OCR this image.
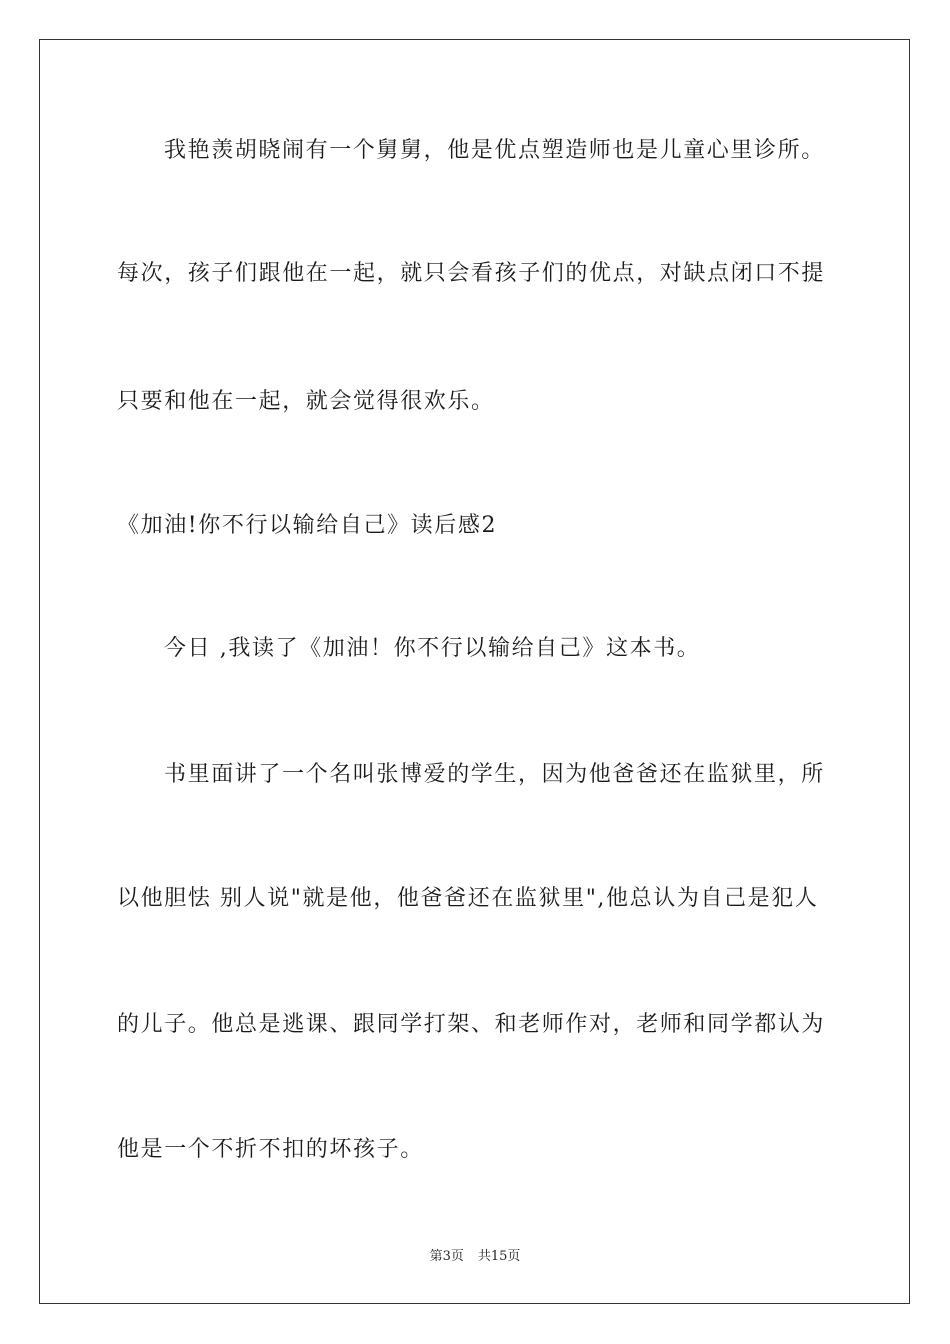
我艳羡胡晓闹有一个舅舅，他是优点塑造师也是儿童心里诊所。
每次，孩子们跟他在一起，就只会看孩子们的优点，对缺点闭口不提
只要和他在一起，就会觉得很欢乐。
《加油!你不行以输给自己》读后感2
今日 ,我读了《加油！你不行以输给自己》这本书。
书里面讲了一个名叫张博爱的学生，因为他爸爸还在监狱里，所
以他胆怯 别人说"就是他，他爸爸还在监狱里",他总认为自己是犯人
的儿子。他总是逃课、跟同学打架、和老师作对，老师和同学都认为
他是一个不折不扣的坏孩子。
第3页 共15页
